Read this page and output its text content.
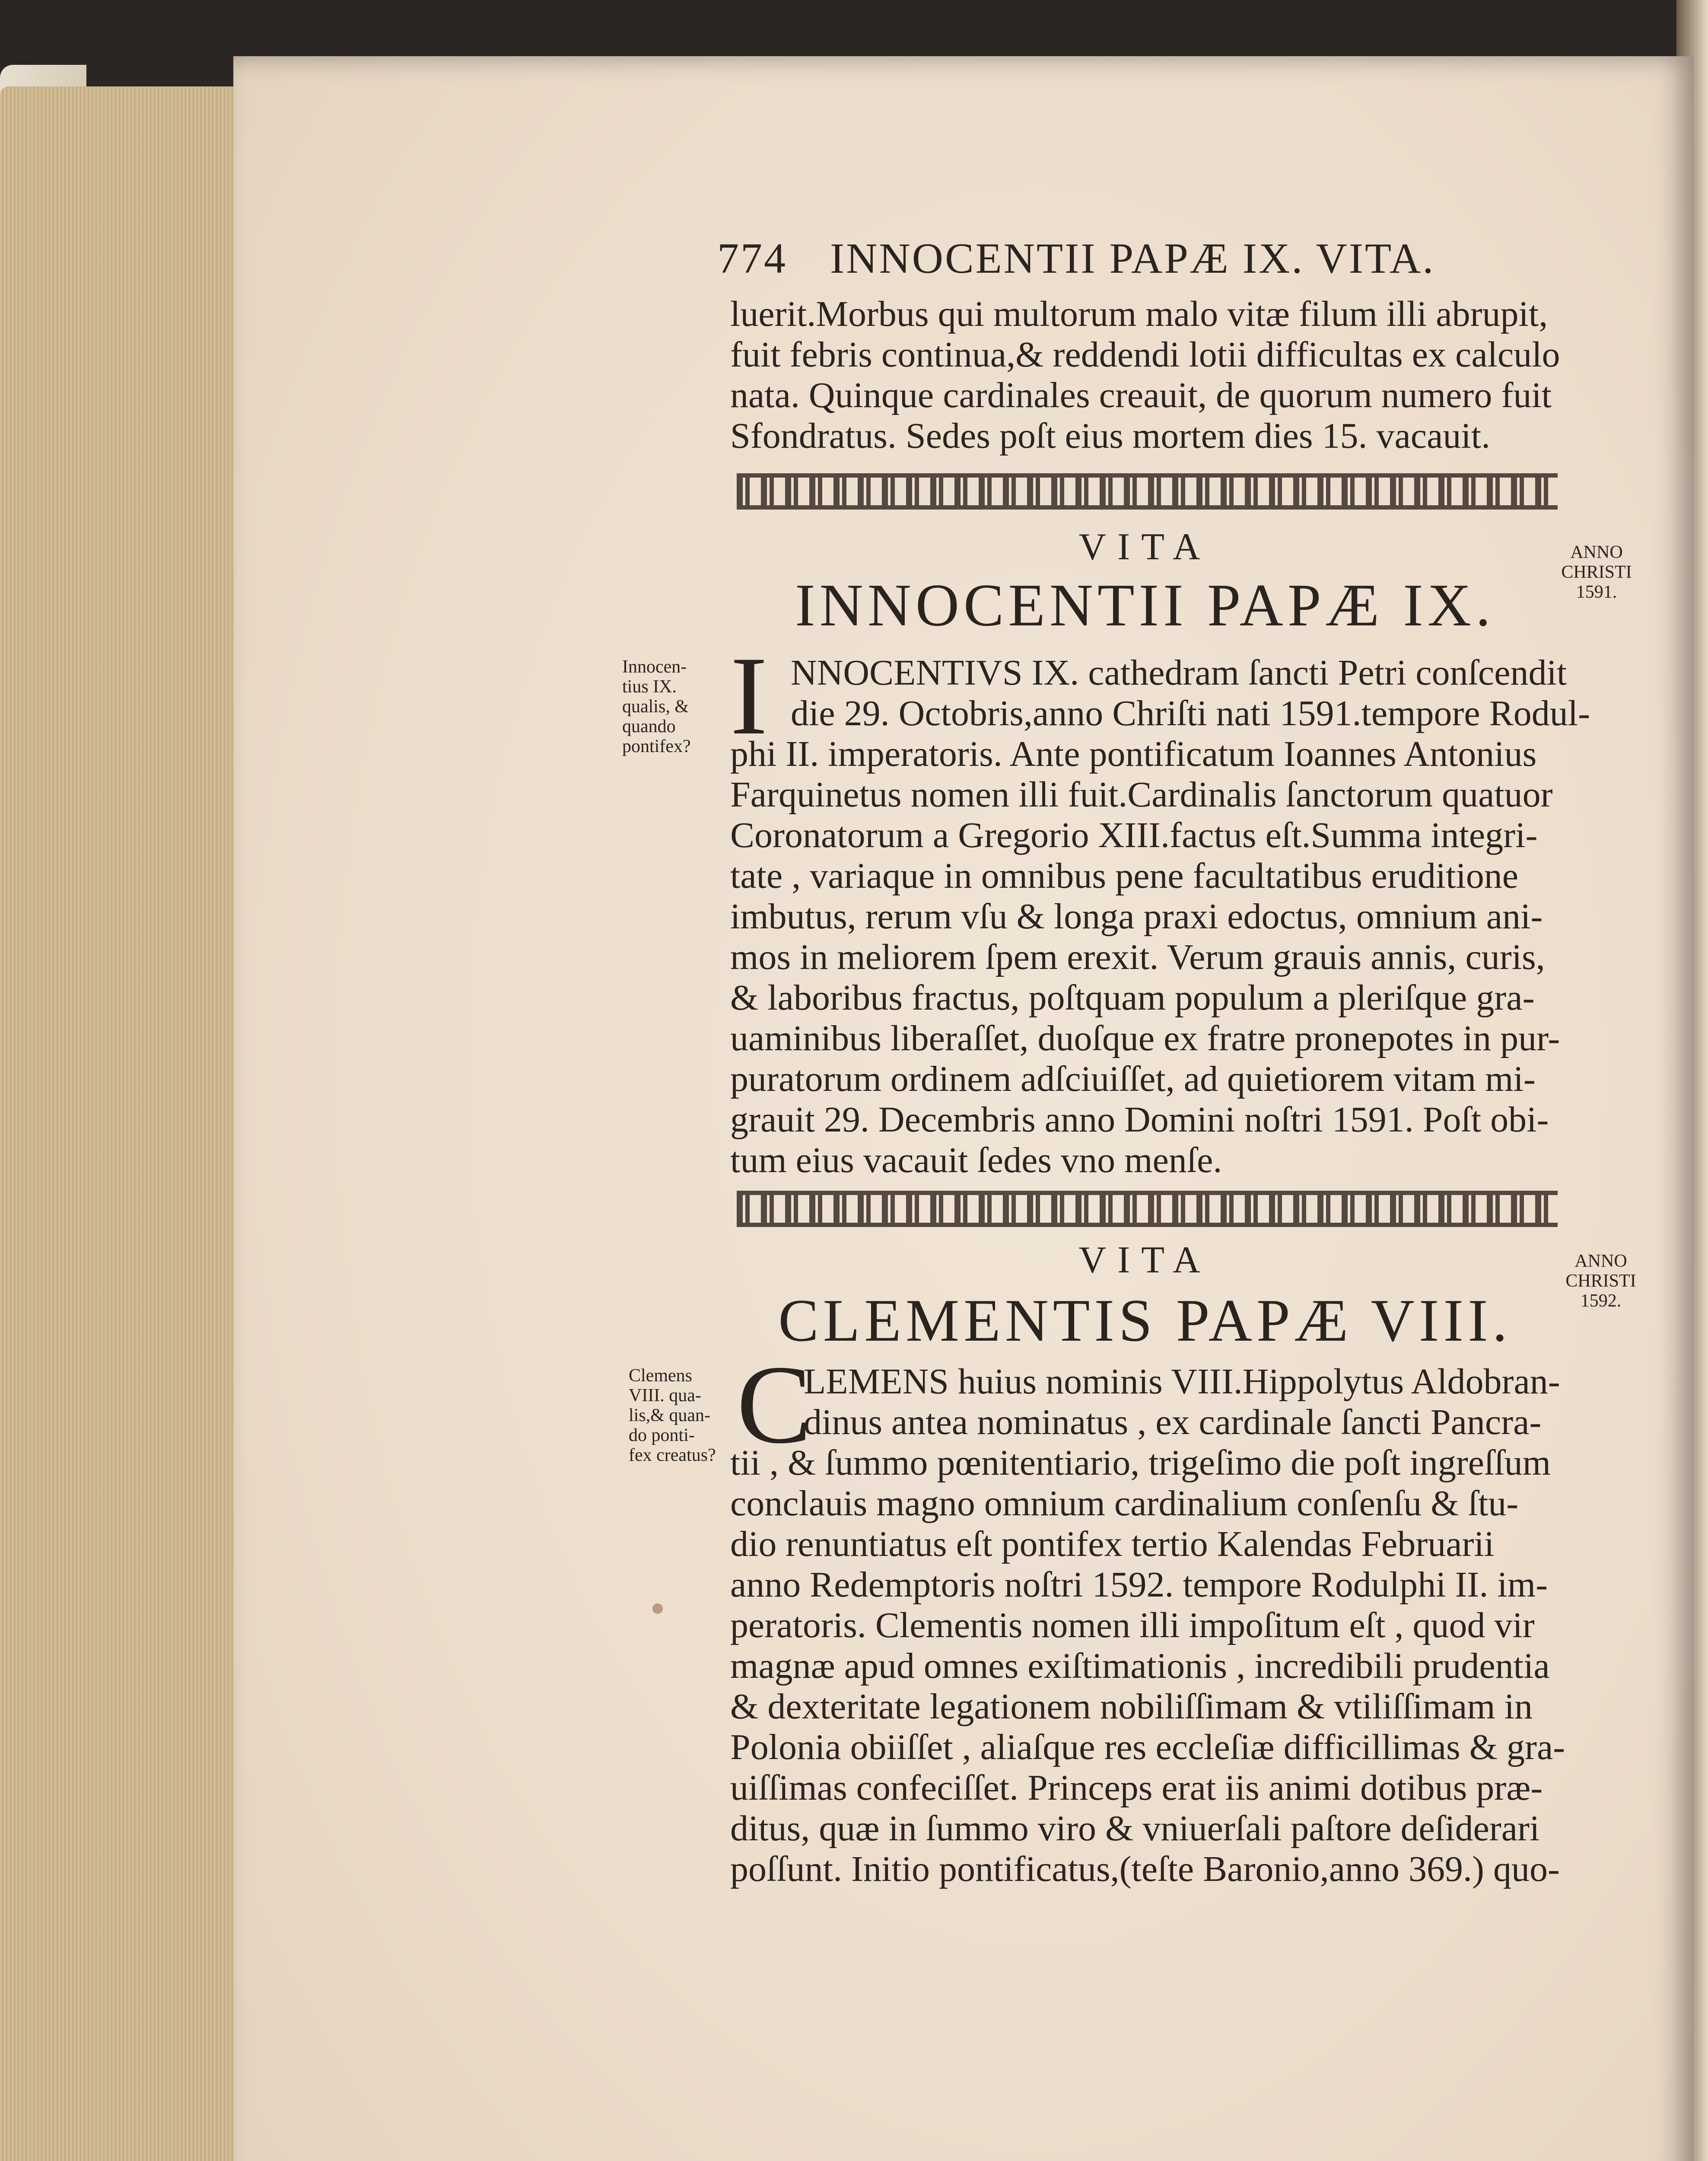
774 INNOCENTII PAPÆ IX. VITA.

luerit.Morbus qui multorum malo vitæ filum illi abrupit,

fuit febris continua,& reddendi lotii difficultas ex calculo

nata. Quinque cardinales creauit, de quorum numero fuit

Sfondratus. Sedes poſt eius mortem dies 15. vacauit.

VITA
INNOCENTII PAPÆ IX.
ANNO
CHRISTI
1591.
Innocen-
tius IX.
qualis, &
quando
pontifex? I NNOCENTIVS IX. cathedram ſancti Petri conſcendit

die 29. Octobris,anno Chriſti nati 1591.tempore Rodul-

phi II. imperatoris. Ante pontificatum Ioannes Antonius

Farquinetus nomen illi fuit.Cardinalis ſanctorum quatuor

Coronatorum a Gregorio XIII.factus eſt.Summa integri-

tate , variaque in omnibus pene facultatibus eruditione

imbutus, rerum vſu & longa praxi edoctus, omnium ani-

mos in meliorem ſpem erexit. Verum grauis annis, curis,

& laboribus fractus, poſtquam populum a pleriſque gra-

uaminibus liberaſſet, duoſque ex fratre pronepotes in pur-

puratorum ordinem adſciuiſſet, ad quietiorem vitam mi-

grauit 29. Decembris anno Domini noſtri 1591. Poſt obi-

tum eius vacauit ſedes vno menſe.

VITA
CLEMENTIS PAPÆ VIII.
ANNO
CHRISTI
1592.
Clemens
VIII. qua-
lis,& quan-
do ponti-
fex creatus? C

LEMENS huius nominis VIII.Hippolytus Aldobran-

dinus antea nominatus , ex cardinale ſancti Pancra-

tii , & ſummo pœnitentiario, trigeſimo die poſt ingreſſum

conclauis magno omnium cardinalium conſenſu & ſtu-

dio renuntiatus eſt pontifex tertio Kalendas Februarii

anno Redemptoris noſtri 1592. tempore Rodulphi II. im-

peratoris. Clementis nomen illi impoſitum eſt , quod vir

magnæ apud omnes exiſtimationis , incredibili prudentia

& dexteritate legationem nobiliſſimam & vtiliſſimam in

Polonia obiiſſet , aliaſque res eccleſiæ difficillimas & gra-

uiſſimas confeciſſet. Princeps erat iis animi dotibus præ-

ditus, quæ in ſummo viro & vniuerſali paſtore deſiderari

poſſunt. Initio pontificatus,(teſte Baronio,anno 369.) quo-
